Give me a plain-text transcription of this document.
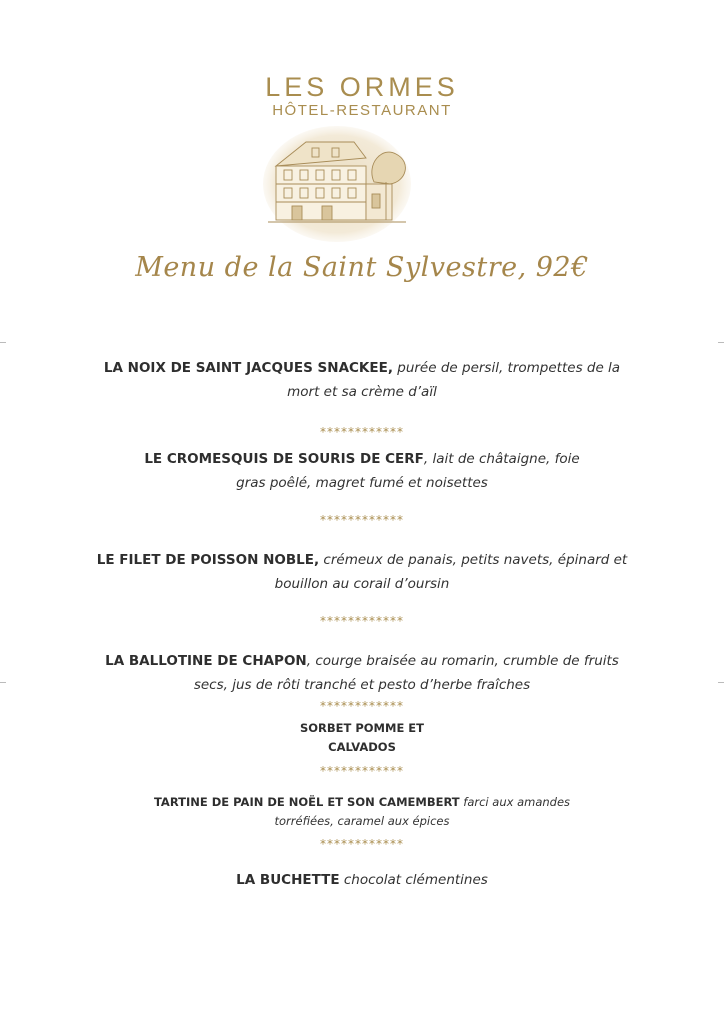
LES ORMES
HÔTEL-RESTAURANT
Menu de la Saint Sylvestre, 92€
LA NOIX DE SAINT JACQUES SNACKEE, purée de persil, trompettes de la
mort et sa crème d’aïl
************
LE CROMESQUIS DE SOURIS DE CERF, lait de châtaigne, foie
gras poêlé, magret fumé et noisettes
************
LE FILET DE POISSON NOBLE, crémeux de panais, petits navets, épinard et
bouillon au corail d’oursin
************
LA BALLOTINE DE CHAPON, courge braisée au romarin, crumble de fruits
secs, jus de rôti tranché et pesto d’herbe fraîches
************
SORBET POMME ET
CALVADOS
************
TARTINE DE PAIN DE NOËL ET SON CAMEMBERT farci aux amandes
torréfiées, caramel aux épices
************
LA BUCHETTE chocolat clémentines
